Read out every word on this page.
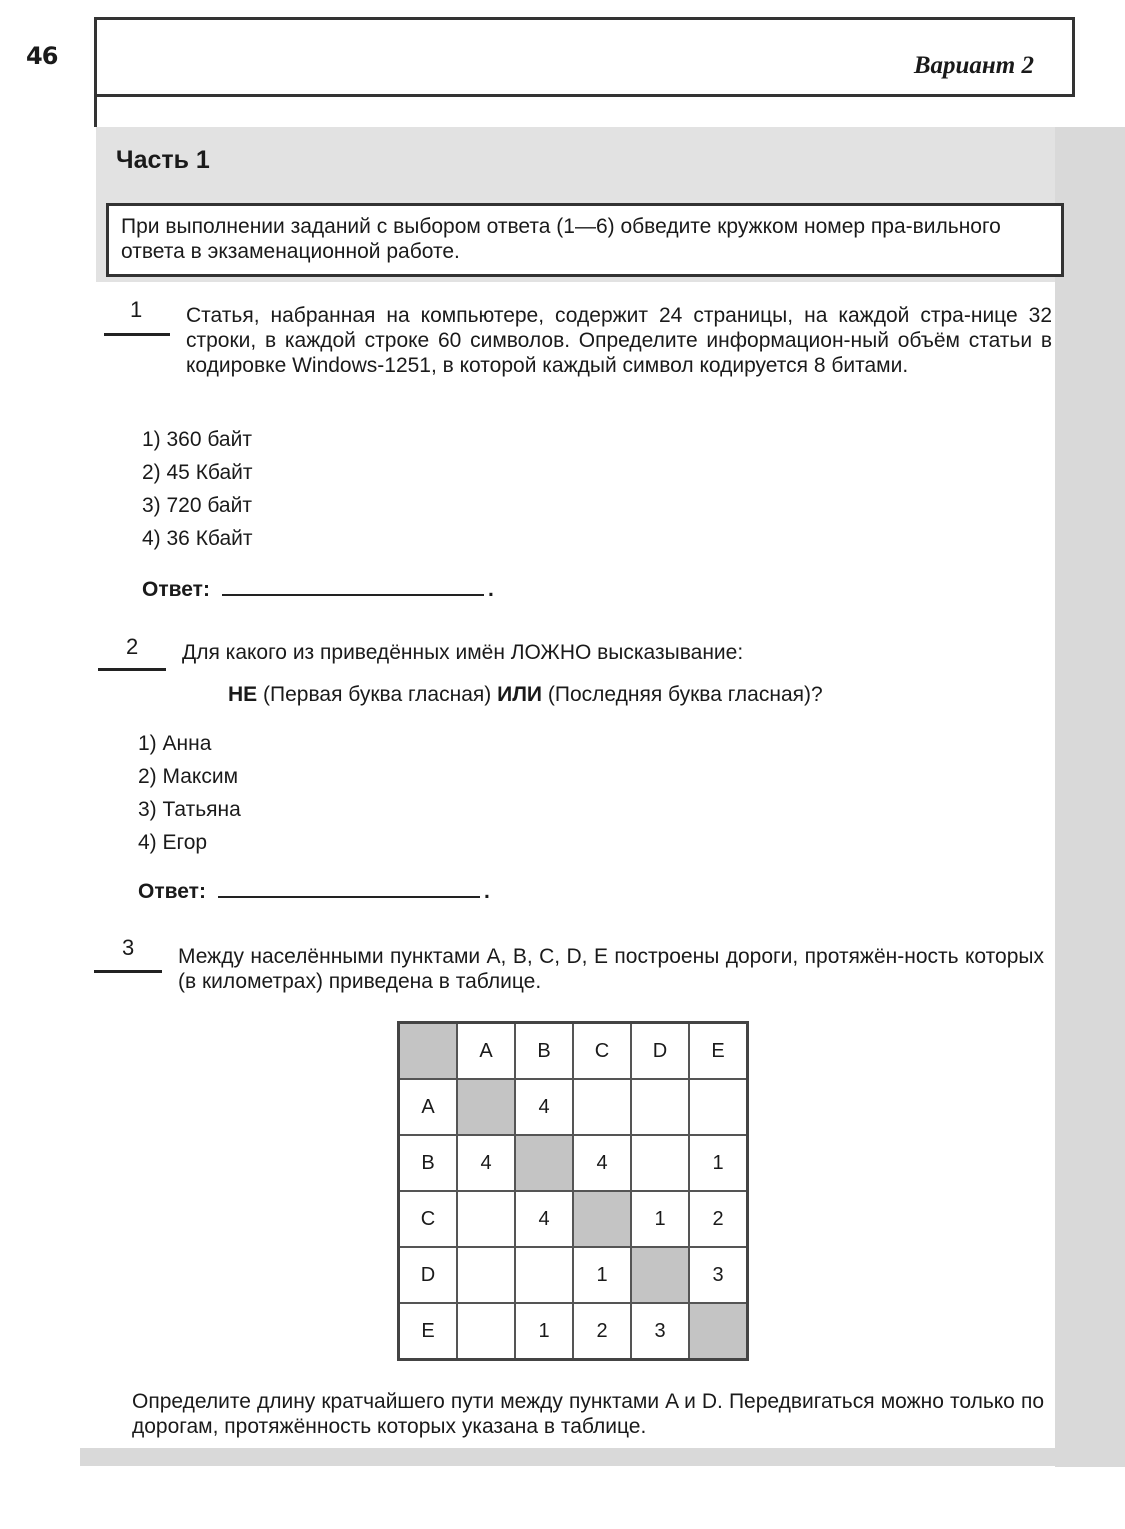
46	Вариант 2
Часть 1
При выполнении заданий с выбором ответа (1—6) обведите кружком номер пра-вильного ответа в экзаменационной работе.
1 Статья, набранная на компьютере, содержит 24 страницы, на каждой стра-нице 32 строки, в каждой строке 60 символов. Определите информацион-ный объём статьи в кодировке Windows-1251, в которой каждый символ кодируется 8 битами.
1) 360 байт
2) 45 Кбайт
3) 720 байт
4) 36 Кбайт
Ответ:	.
2 Для какого из приведённых имён ЛОЖНО высказывание:
НЕ (Первая буква гласная) ИЛИ (Последняя буква гласная)?
1) Анна
2) Максим
3) Татьяна
4) Егор
Ответ:	.
3 Между населёнными пунктами A, B, C, D, E построены дороги, протяжён-ность которых (в километрах) приведена в таблице.
	A	B	C	D	E
A		4			
B	4		4		1
C		4		1	2
D			1		3
E		1	2	3	
Определите длину кратчайшего пути между пунктами A и D. Передвигаться можно только по дорогам, протяжённость которых указана в таблице.
